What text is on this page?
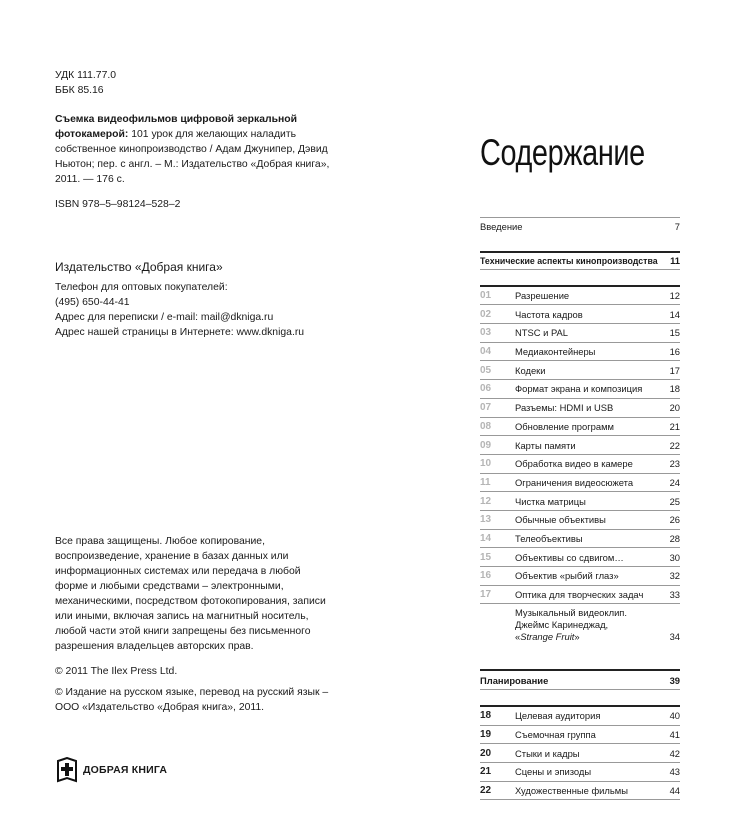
УДК 111.77.0
ББК 85.16
Съемка видеофильмов цифровой зеркальной фотокамерой: 101 урок для желающих наладить собственное кинопроизводство / Адам Джунипер, Дэвид Ньютон; пер. с англ. – М.: Издательство «Добрая книга», 2011. — 176 с.
ISBN 978–5–98124–528–2
Издательство «Добрая книга»
Телефон для оптовых покупателей:
(495) 650-44-41
Адрес для переписки / e-mail: mail@dkniga.ru
Адрес нашей страницы в Интернете: www.dkniga.ru
Все права защищены. Любое копирование, воспроизведение, хранение в базах данных или информационных системах или передача в любой форме и любыми средствами – электронными, механическими, посредством фотокопирования, записи или иными, включая запись на магнитный носитель, любой части этой книги запрещены без письменного разрешения владельцев авторских прав.
© 2011 The Ilex Press Ltd.
© Издание на русском языке, перевод на русский язык – ООО «Издательство «Добрая книга», 2011.
ДОБРАЯ КНИГА
Содержание
Введение	7
Технические аспекты кинопроизводства	11
01	Разрешение	12
02	Частота кадров	14
03	NTSC и PAL	15
04	Медиаконтейнеры	16
05	Кодеки	17
06	Формат экрана и композиция	18
07	Разъемы: HDMI и USB	20
08	Обновление программ	21
09	Карты памяти	22
10	Обработка видео в камере	23
11	Ограничения видеосюжета	24
12	Чистка матрицы	25
13	Обычные объективы	26
14	Телеобъективы	28
15	Объективы со сдвигом…	30
16	Объектив «рыбий глаз»	32
17	Оптика для творческих задач	33
Музыкальный видеоклип.
Джеймс Каринеджад,
«Strange Fruit»	34
Планирование	39
18	Целевая аудитория	40
19	Съемочная группа	41
20	Стыки и кадры	42
21	Сцены и эпизоды	43
22	Художественные фильмы	44
